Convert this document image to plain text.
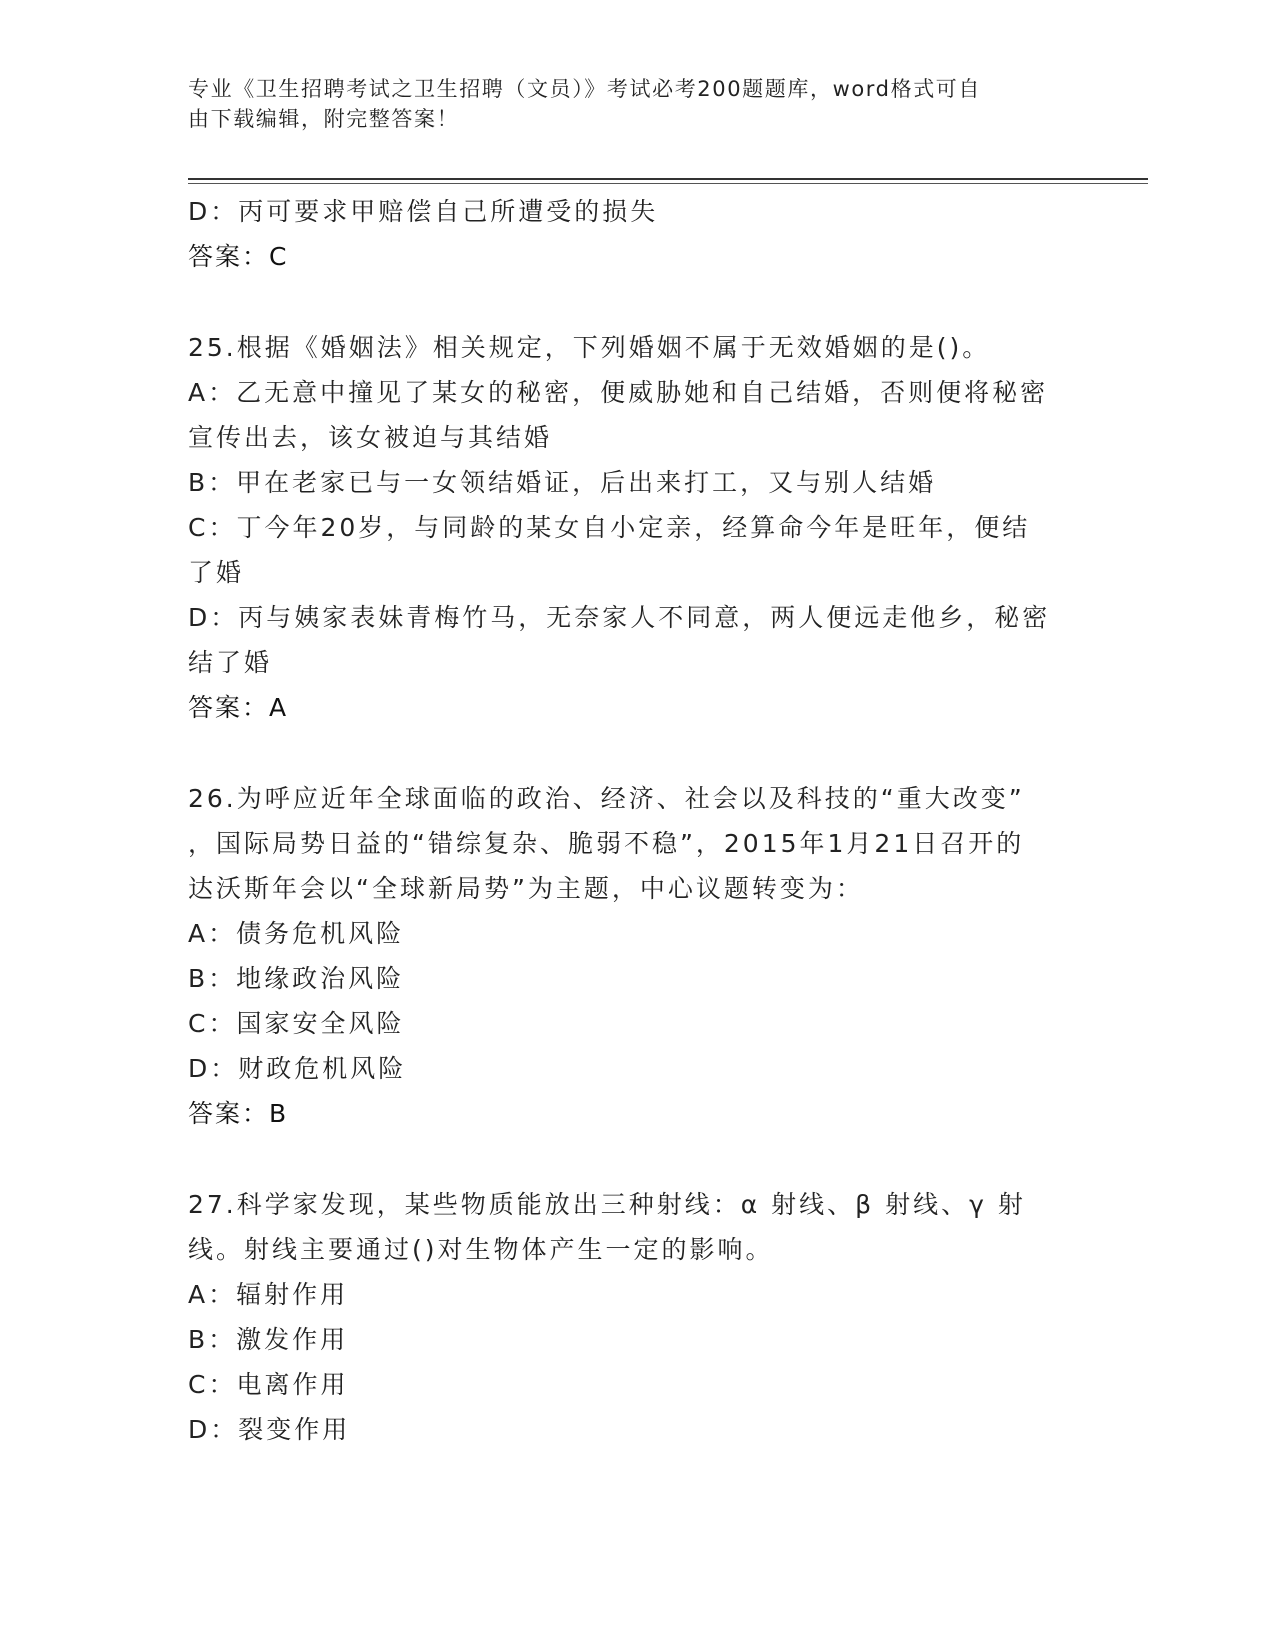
专业《卫生招聘考试之卫生招聘（文员）》考试必考200题题库，word格式可自
由下载编辑，附完整答案！
D：丙可要求甲赔偿自己所遭受的损失
答案：C
25.根据《婚姻法》相关规定，下列婚姻不属于无效婚姻的是()。
A：乙无意中撞见了某女的秘密，便威胁她和自己结婚，否则便将秘密
宣传出去，该女被迫与其结婚
B：甲在老家已与一女领结婚证，后出来打工，又与别人结婚
C：丁今年20岁，与同龄的某女自小定亲，经算命今年是旺年，便结
了婚
D：丙与姨家表妹青梅竹马，无奈家人不同意，两人便远走他乡，秘密
结了婚
答案：A
26.为呼应近年全球面临的政治、经济、社会以及科技的“重大改变”
，国际局势日益的“错综复杂、脆弱不稳”，2015年1月21日召开的
达沃斯年会以“全球新局势”为主题，中心议题转变为：
A：债务危机风险
B：地缘政治风险
C：国家安全风险
D：财政危机风险
答案：B
27.科学家发现，某些物质能放出三种射线：α 射线、β 射线、γ 射
线。射线主要通过()对生物体产生一定的影响。
A：辐射作用
B：激发作用
C：电离作用
D：裂变作用
